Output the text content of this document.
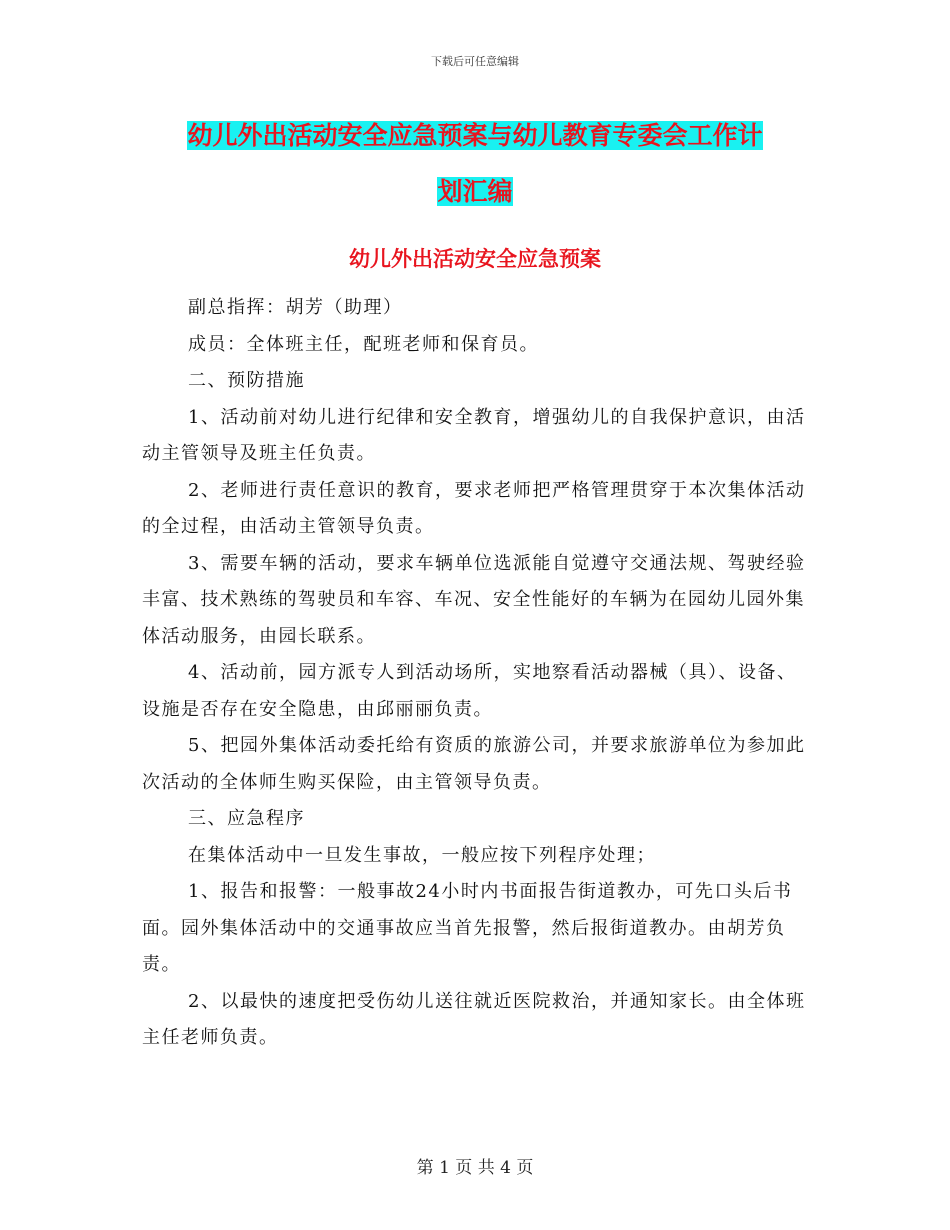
下载后可任意编辑
幼儿外出活动安全应急预案与幼儿教育专委会工作计
划汇编
幼儿外出活动安全应急预案

副总指挥：胡芳（助理）

成员：全体班主任，配班老师和保育员。

二、预防措施

1、活动前对幼儿进行纪律和安全教育，增强幼儿的自我保护意识，由活动主管领导及班主任负责。

2、老师进行责任意识的教育，要求老师把严格管理贯穿于本次集体活动的全过程，由活动主管领导负责。

3、需要车辆的活动，要求车辆单位选派能自觉遵守交通法规、驾驶经验丰富、技术熟练的驾驶员和车容、车况、安全性能好的车辆为在园幼儿园外集体活动服务，由园长联系。

4、活动前，园方派专人到活动场所，实地察看活动器械（具）、设备、设施是否存在安全隐患，由邱丽丽负责。

5、把园外集体活动委托给有资质的旅游公司，并要求旅游单位为参加此次活动的全体师生购买保险，由主管领导负责。

三、应急程序

在集体活动中一旦发生事故，一般应按下列程序处理；

1、报告和报警：一般事故24小时内书面报告街道教办，可先口头后书面。园外集体活动中的交通事故应当首先报警，然后报街道教办。由胡芳负责。

2、以最快的速度把受伤幼儿送往就近医院救治，并通知家长。由全体班主任老师负责。

第 1 页 共 4 页
